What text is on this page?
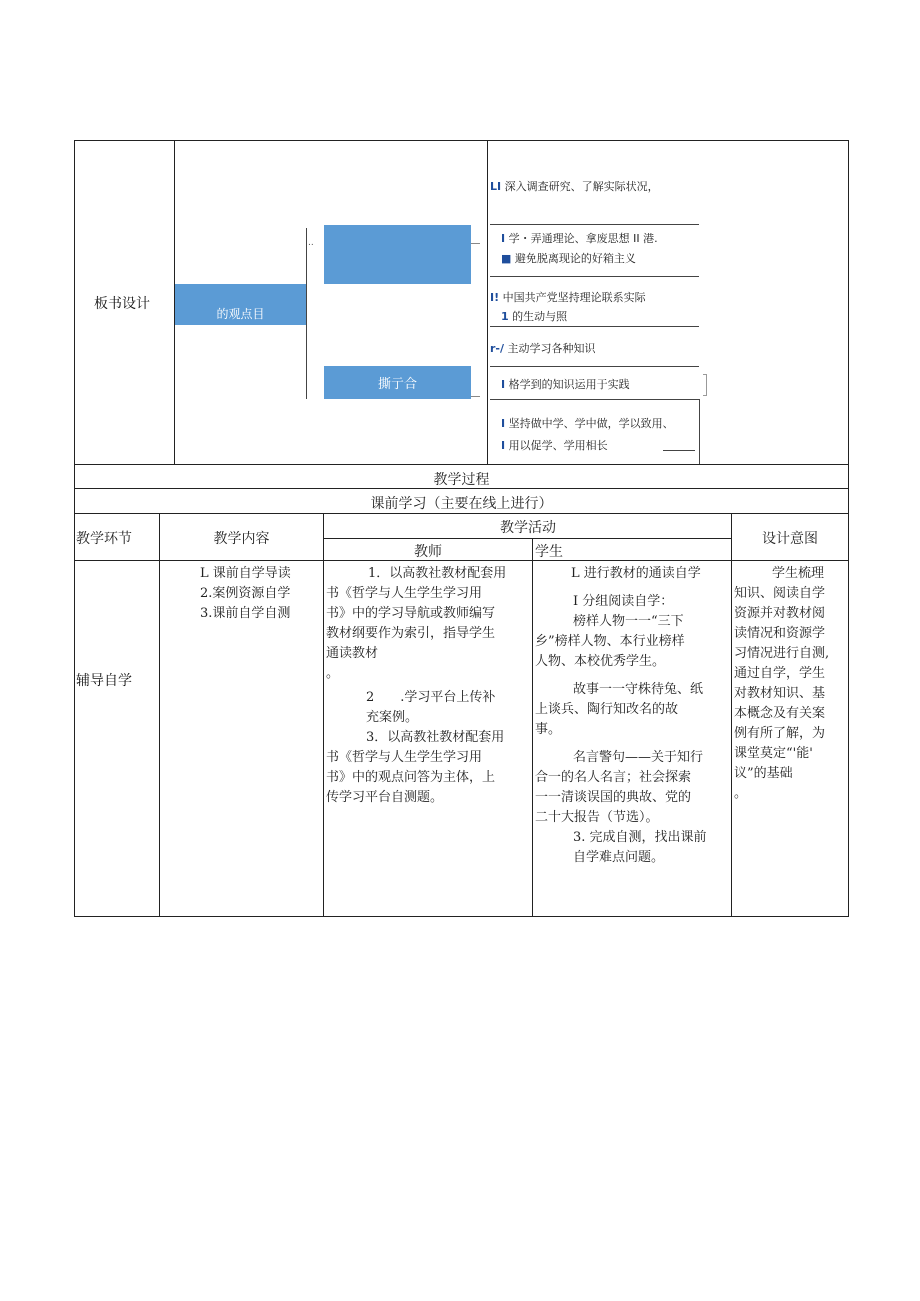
板书设计
的观点目
撕亍合
..
LI 深入调查研究、了解实际状况，
I 学・弄通理论、拿废思想 II 港.
■ 避免脱离现论的好箱主义
I! 中国共产党坚持理论联系实际
1 的生动与照
r-/ 主动学习各种知识
I 格学到的知识运用于实践
I 坚持做中学、学中做，学以致用、
I 用以促学、学用相长
教学过程
课前学习（主要在线上进行）
教学环节	教学内容
教学活动
教师	学生
设计意图
辅导自学
L 课前自学导读
2.案例资源自学
3.课前自学自测
1．以高教社教材配套用
书《哲学与人生学生学习用
书》中的学习导航或教师编写
教材纲要作为索引，指导学生
通读教材
。
2　　.学习平台上传补
充案例。
3．以高教社教材配套用
书《哲学与人生学生学习用
书》中的观点问答为主体，上
传学习平台自测题。
L 进行教材的通读自学
I 分组阅读自学：
榜样人物一一“三下
乡”榜样人物、本行业榜样
人物、本校优秀学生。
故事一一守株待兔、纸
上谈兵、陶行知改名的故
事。
名言警句——关于知行
合一的名人名言；社会探索
一一清谈误国的典故、党的
二十大报告（节选）。
3. 完成自测，找出课前
自学难点问题。
学生梳理
知识、阅读自学
资源并对教材阅
读情况和资源学
习情况进行自测,
通过自学，学生
对教材知识、基
本概念及有关案
例有所了解，为
课堂莫定“'能'
议”的基础
。
